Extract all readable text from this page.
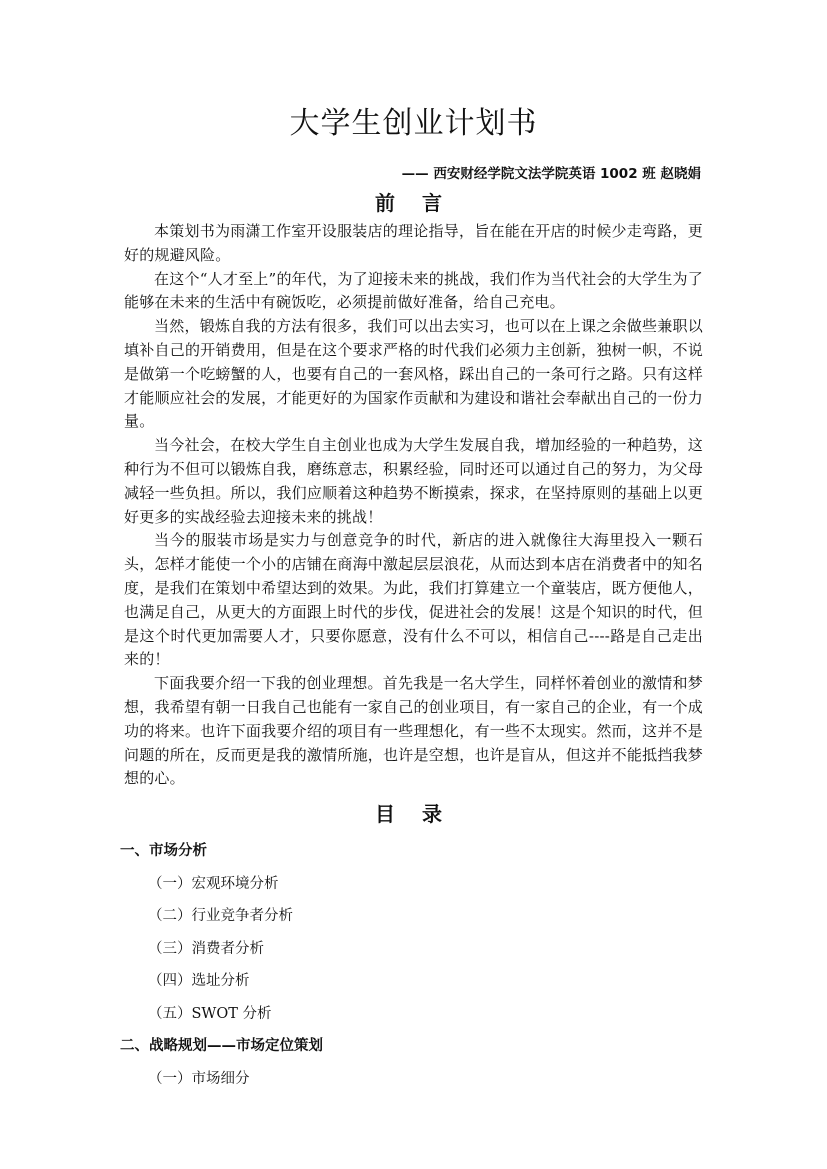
大学生创业计划书
—— 西安财经学院文法学院英语 1002 班 赵晓娟
前 言

本策划书为雨潇工作室开设服装店的理论指导，旨在能在开店的时候少走弯路，更好的规避风险。

在这个“人才至上”的年代，为了迎接未来的挑战，我们作为当代社会的大学生为了能够在未来的生活中有碗饭吃，必须提前做好准备，给自己充电。

当然，锻炼自我的方法有很多，我们可以出去实习，也可以在上课之余做些兼职以填补自己的开销费用，但是在这个要求严格的时代我们必须力主创新，独树一帜，不说是做第一个吃螃蟹的人，也要有自己的一套风格，踩出自己的一条可行之路。只有这样才能顺应社会的发展，才能更好的为国家作贡献和为建设和谐社会奉献出自己的一份力量。

当今社会，在校大学生自主创业也成为大学生发展自我，增加经验的一种趋势，这种行为不但可以锻炼自我，磨练意志，积累经验，同时还可以通过自己的努力，为父母减轻一些负担。所以，我们应顺着这种趋势不断摸索，探求，在坚持原则的基础上以更好更多的实战经验去迎接未来的挑战！

当今的服装市场是实力与创意竞争的时代，新店的进入就像往大海里投入一颗石头，怎样才能使一个小的店铺在商海中激起层层浪花，从而达到本店在消费者中的知名度，是我们在策划中希望达到的效果。为此，我们打算建立一个童装店，既方便他人，也满足自己，从更大的方面跟上时代的步伐，促进社会的发展！这是个知识的时代，但是这个时代更加需要人才，只要你愿意，没有什么不可以，相信自己----路是自己走出来的！

下面我要介绍一下我的创业理想。首先我是一名大学生，同样怀着创业的激情和梦想，我希望有朝一日我自己也能有一家自己的创业项目，有一家自己的企业，有一个成功的将来。也许下面我要介绍的项目有一些理想化，有一些不太现实。然而，这并不是问题的所在，反而更是我的激情所施，也许是空想，也许是盲从，但这并不能抵挡我梦想的心。

目 录
一、市场分析
（一）宏观环境分析
（二）行业竞争者分析
（三）消费者分析
（四）选址分析
（五）SWOT 分析
二、战略规划——市场定位策划
（一）市场细分
